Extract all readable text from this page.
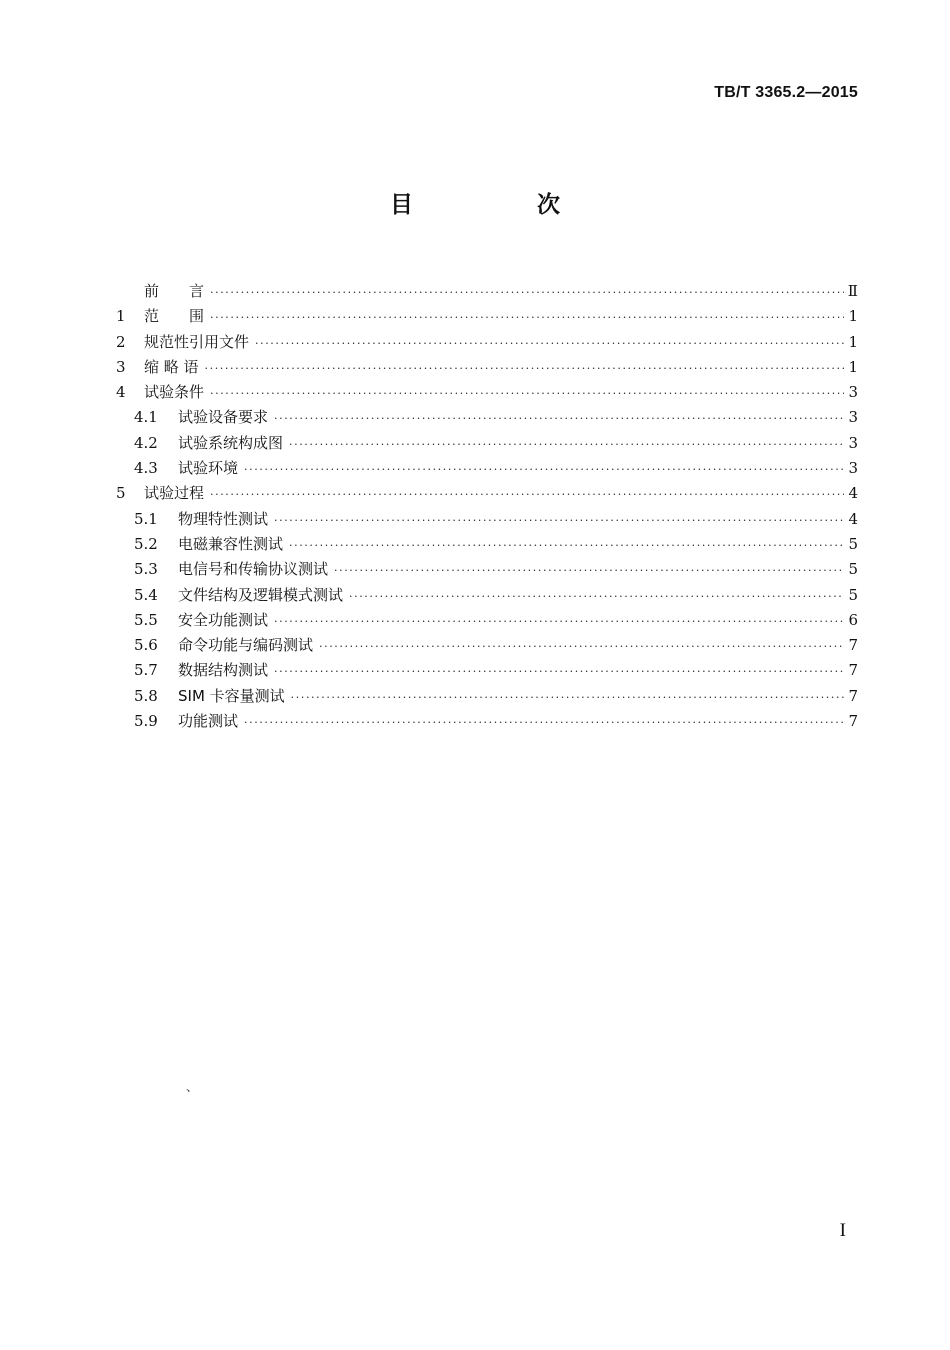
TB/T 3365.2—2015
目 次
前　　言 ·····	Ⅱ
1	范　　围 ·····	1
2	规范性引用文件 ·····	1
3	缩 略 语 ·····	1
4	试验条件 ·····	3
4.1	试验设备要求 ·····	3
4.2	试验系统构成图 ·····	3
4.3	试验环境 ·····	3
5	试验过程 ·····	4
5.1	物理特性测试 ·····	4
5.2	电磁兼容性测试 ·····	5
5.3	电信号和传输协议测试 ·····	5
5.4	文件结构及逻辑模式测试 ·····	5
5.5	安全功能测试 ·····	6
5.6	命令功能与编码测试 ·····	7
5.7	数据结构测试 ·····	7
5.8	SIM 卡容量测试 ·····	7
5.9	功能测试 ·····	7
、
I
